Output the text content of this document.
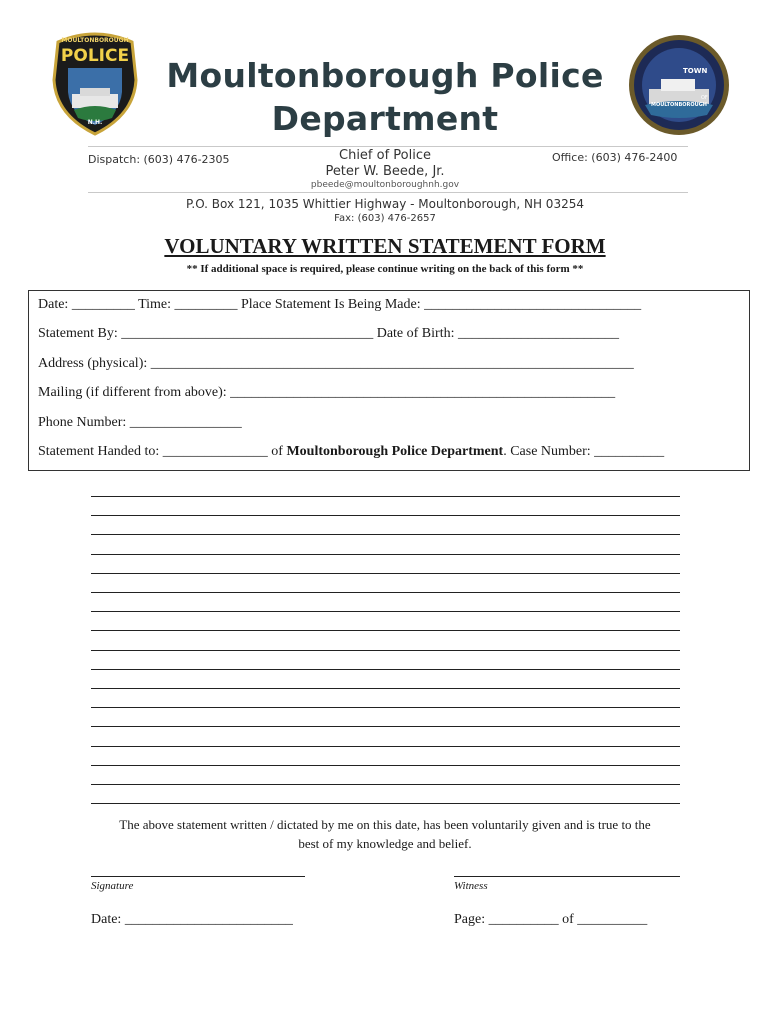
MOULTONBOROUGH
POLICE
N.H.
TOWN
OF
MOULTONBOROUGH
Moultonborough Police
Department
Dispatch: (603) 476-2305	Office: (603) 476-2400
Chief of Police
Peter W. Beede, Jr.
pbeede@moultonboroughnh.gov
P.O. Box 121, 1035 Whittier Highway - Moultonborough, NH 03254
Fax: (603) 476-2657
VOLUNTARY WRITTEN STATEMENT FORM
** If additional space is required, please continue writing on the back of this form **
Date: _________ Time: _________ Place Statement Is Being Made: _______________________________
Statement By: ____________________________________ Date of Birth: _______________________
Address (physical): _____________________________________________________________________
Mailing (if different from above): _______________________________________________________
Phone Number: ________________
Statement Handed to: _______________ of Moultonborough Police Department. Case Number: __________
The above statement written / dictated by me on this date, has been voluntarily given and is true to the
best of my knowledge and belief.
Signature	Witness
Date: ________________________	Page: __________ of __________
